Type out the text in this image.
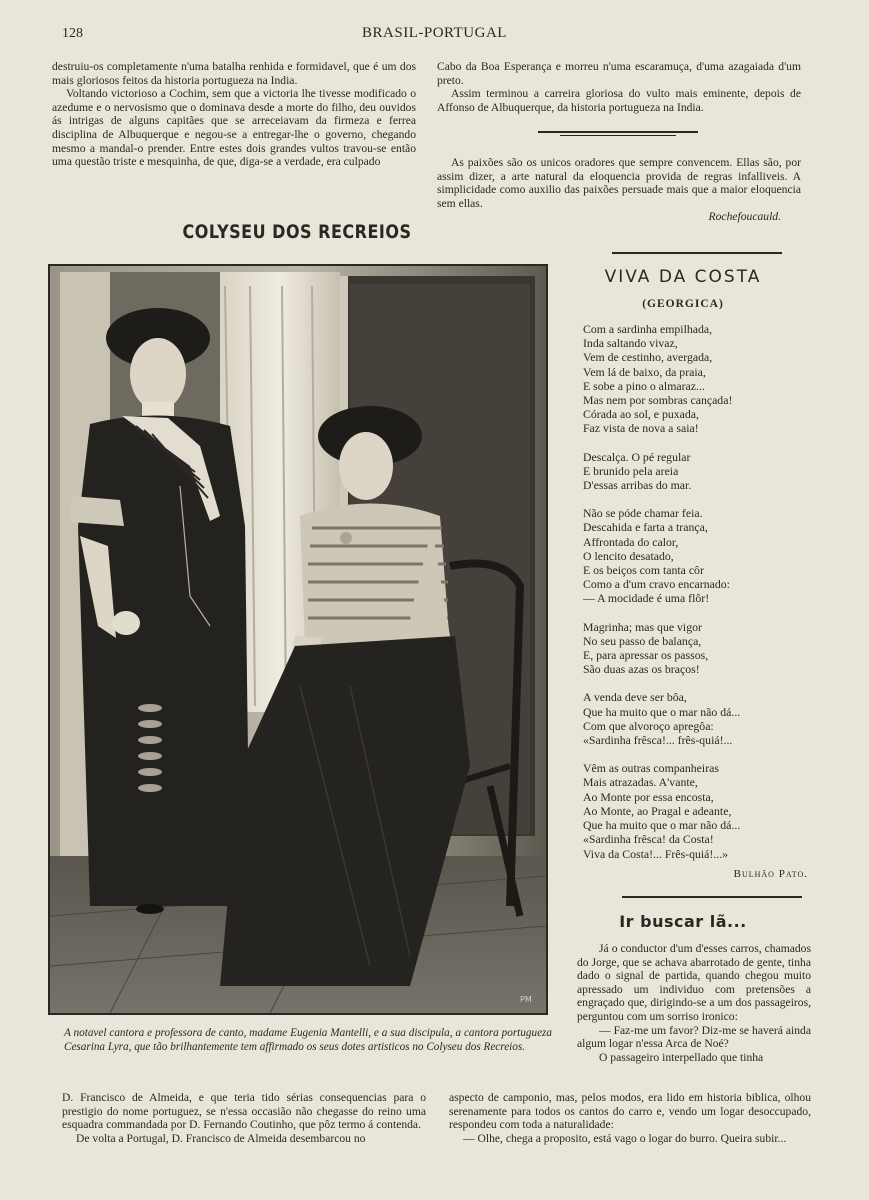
128	BRASIL-PORTUGAL

destruiu-os completamente n'uma batalha renhida e formidavel, que é um dos mais gloriosos feitos da historia portugueza na India.

Voltando victorioso a Cochim, sem que a victoria lhe tivesse modificado o azedume e o nervosismo que o dominava desde a morte do filho, deu ouvidos ás intrigas de alguns capitães que se arreceiavam da firmeza e ferrea disciplina de Albuquerque e negou-se a entregar-lhe o governo, chegando mesmo a mandal-o prender. Entre estes dois grandes vultos travou-se então uma questão triste e mesquinha, de que, diga-se a verdade, era culpado

Cabo da Boa Esperança e morreu n'uma escaramuça, d'uma azagaiada d'um preto.

Assim terminou a carreira gloriosa do vulto mais eminente, depois de Affonso de Albuquerque, da historia portugueza na India.

As paixões são os unicos oradores que sempre convencem. Ellas são, por assim dizer, a arte natural da eloquencia provida de regras infalliveis. A simplicidade como auxilio das paixões persuade mais que a maior eloquencia sem ellas.

Rochefoucauld.

COLYSEU DOS RECREIOS
PM
A notavel cantora e professora de canto, madame Eugenia Mantelli, e a sua discipula, a cantora portugueza Cesarina Lyra, que tão brilhantemente tem affirmado os seus dotes artisticos no Colyseu dos Recreios.
VIVA DA COSTA
(GEORGICA)
Com a sardinha empilhada,
Inda saltando vivaz,
Vem de cestinho, avergada,
Vem lá de baixo, da praia,
E sobe a pino o almaraz...
Mas nem por sombras cançada!
Córada ao sol, e puxada,
Faz vista de nova a saia!
Descalça. O pé regular
E brunido pela areia
D'essas arribas do mar.
Não se póde chamar feia.
Descahida e farta a trança,
Affrontada do calor,
O lencito desatado,
E os beiços com tanta côr
Como a d'um cravo encarnado:
— A mocidade é uma flôr!
Magrinha; mas que vigor
No seu passo de balança,
E, para apressar os passos,
São duas azas os braços!
A venda deve ser bôa,
Que ha muito que o mar não dá...
Com que alvoroço apregôa:
«Sardinha frêsca!... frês-quiá!...
Vêm as outras companheiras
Mais atrazadas. A'vante,
Ao Monte por essa encosta,
Ao Monte, ao Pragal e adeante,
Que ha muito que o mar não dá...
«Sardinha frêsca! da Costa!
Viva da Costa!... Frês-quiá!...»
Bulhão Pato.
Ir buscar lã...

Já o conductor d'um d'esses carros, chamados do Jorge, que se achava abarrotado de gente, tinha dado o signal de partida, quando chegou muito apressado um individuo com pretensões a engraçado que, dirigindo-se a um dos passageiros, perguntou com um sorriso ironico:

— Faz-me um favor? Diz-me se haverá ainda algum logar n'essa Arca de Noé?

O passageiro interpellado que tinha

D. Francisco de Almeida, e que teria tido sérias consequencias para o prestigio do nome portuguez, se n'essa occasião não chegasse do reino uma esquadra commandada por D. Fernando Coutinho, que pôz termo á contenda.

De volta a Portugal, D. Francisco de Almeida desembarcou no

aspecto de camponio, mas, pelos modos, era lido em historia biblica, olhou serenamente para todos os cantos do carro e, vendo um logar desoccupado, respondeu com toda a naturalidade:

— Olhe, chega a proposito, está vago o logar do burro. Queira subir...
